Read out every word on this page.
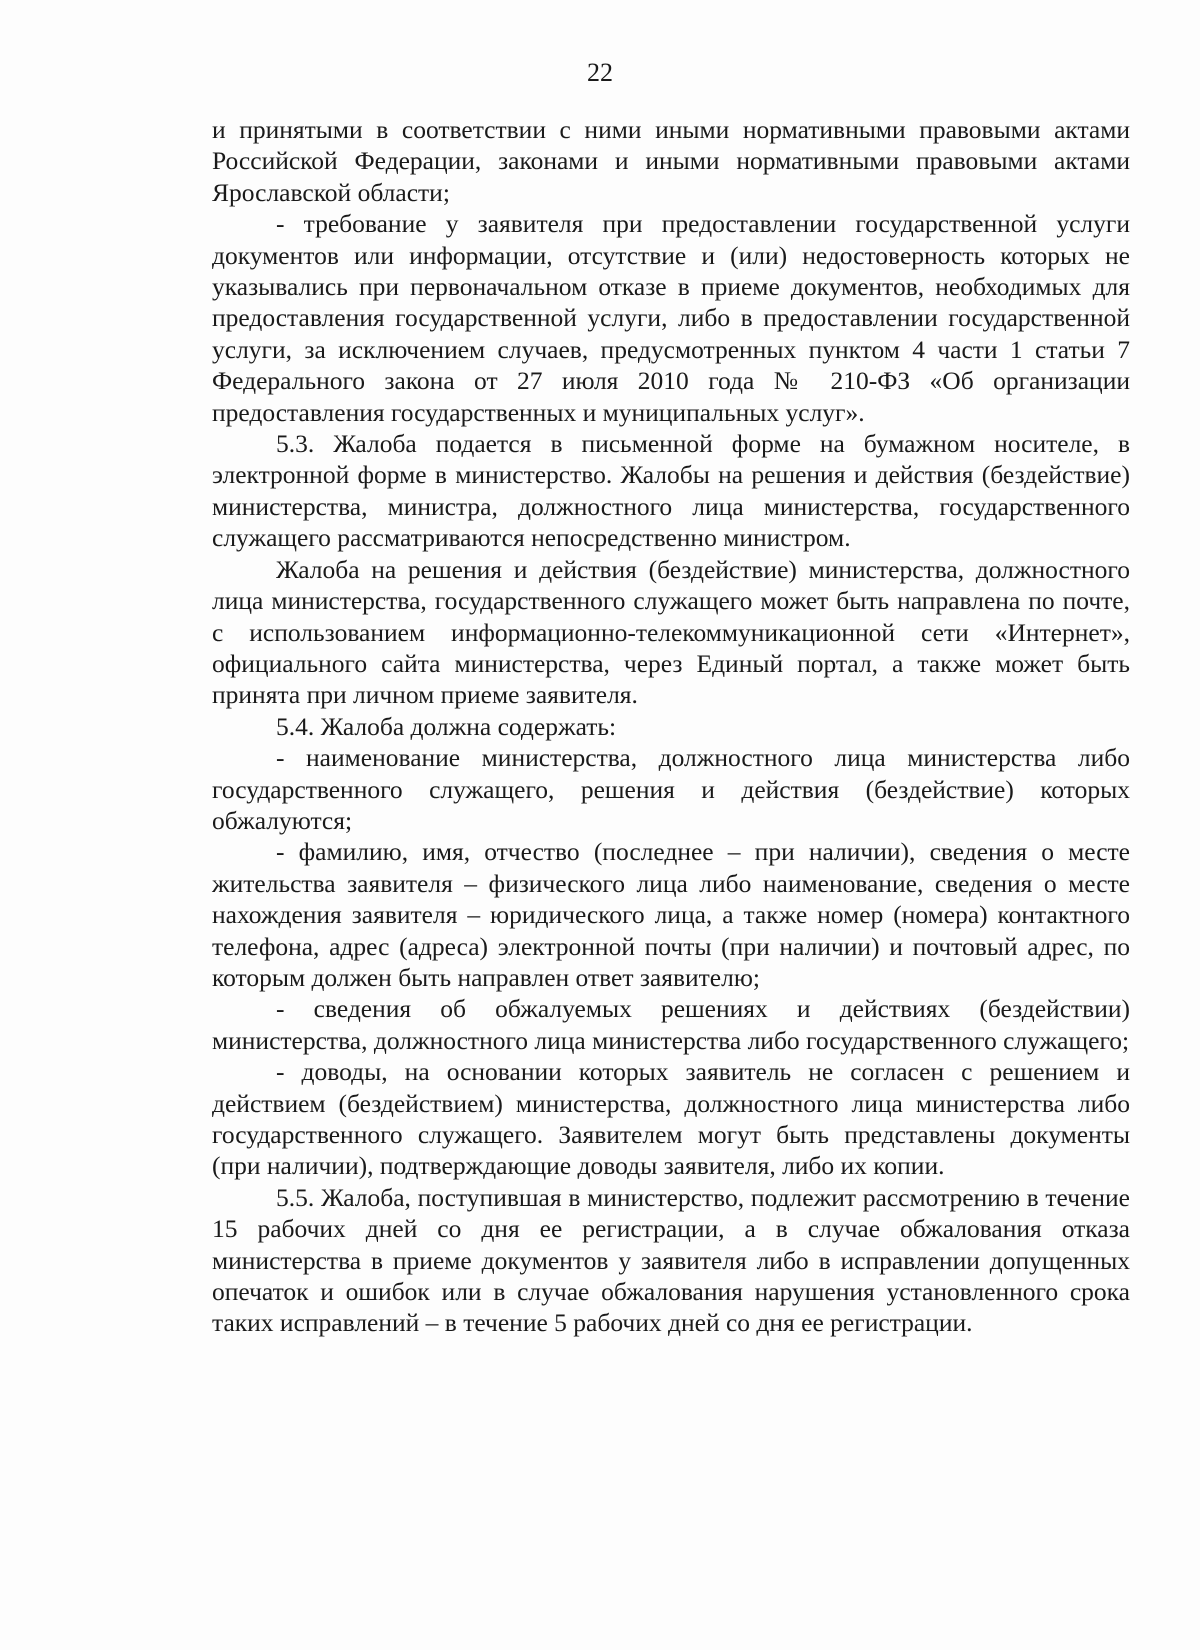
22

и принятыми в соответствии с ними иными нормативными правовыми актами Российской Федерации, законами и иными нормативными правовыми актами Ярославской области;

- требование у заявителя при предоставлении государственной услуги документов или информации, отсутствие и (или) недостоверность которых не указывались при первоначальном отказе в приеме документов, необходимых для предоставления государственной услуги, либо в предоставлении государственной услуги, за исключением случаев, предусмотренных пунктом 4 части 1 статьи 7 Федерального закона от 27 июля 2010 года № 210-ФЗ «Об организации предоставления государственных и муниципальных услуг».

5.3. Жалоба подается в письменной форме на бумажном носителе, в электронной форме в министерство. Жалобы на решения и действия (бездействие) министерства, министра, должностного лица министерства, государственного служащего рассматриваются непосредственно министром.

Жалоба на решения и действия (бездействие) министерства, должностного лица министерства, государственного служащего может быть направлена по почте, с использованием информационно-телекоммуникационной сети «Интернет», официального сайта министерства, через Единый портал, а также может быть принята при личном приеме заявителя.

5.4. Жалоба должна содержать:

- наименование министерства, должностного лица министерства либо государственного служащего, решения и действия (бездействие) которых обжалуются;

- фамилию, имя, отчество (последнее – при наличии), сведения о месте жительства заявителя – физического лица либо наименование, сведения о месте нахождения заявителя – юридического лица, а также номер (номера) контактного телефона, адрес (адреса) электронной почты (при наличии) и почтовый адрес, по которым должен быть направлен ответ заявителю;

- сведения об обжалуемых решениях и действиях (бездействии) министерства, должностного лица министерства либо государственного служащего;

- доводы, на основании которых заявитель не согласен с решением и действием (бездействием) министерства, должностного лица министерства либо государственного служащего. Заявителем могут быть представлены документы (при наличии), подтверждающие доводы заявителя, либо их копии.

5.5. Жалоба, поступившая в министерство, подлежит рассмотрению в течение 15 рабочих дней со дня ее регистрации, а в случае обжалования отказа министерства в приеме документов у заявителя либо в исправлении допущенных опечаток и ошибок или в случае обжалования нарушения установленного срока таких исправлений – в течение 5 рабочих дней со дня ее регистрации.
